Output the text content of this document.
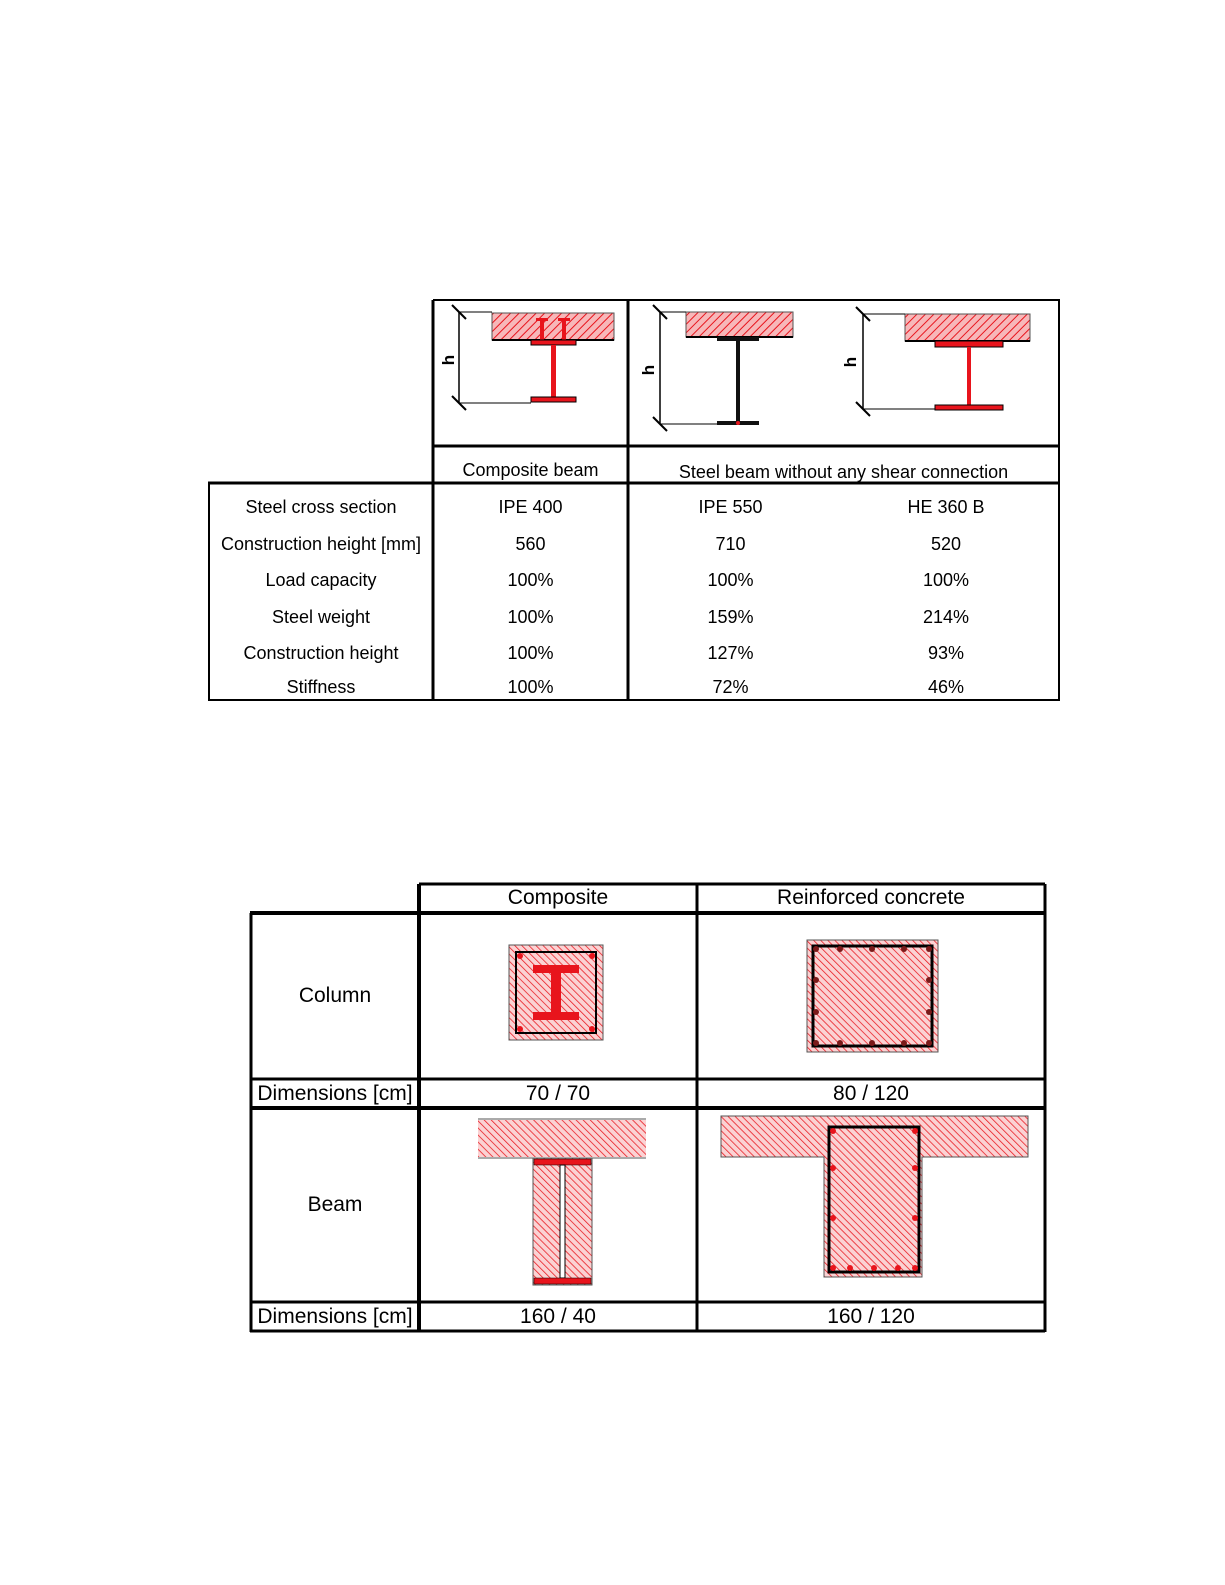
h
h
h
Composite beam	Steel beam without any shear connection
Steel cross section	IPE 400	IPE 550	HE 360 B
Construction height [mm]	560	710	520
Load capacity	100%	100%	100%
Steel weight	100%	159%	214%
Construction height	100%	127%	93%
Stiffness	100%	72%	46%
Composite	Reinforced concrete
Column
Dimensions [cm]	70 / 70	80 / 120
Beam
Dimensions [cm]	160 / 40	160 / 120
